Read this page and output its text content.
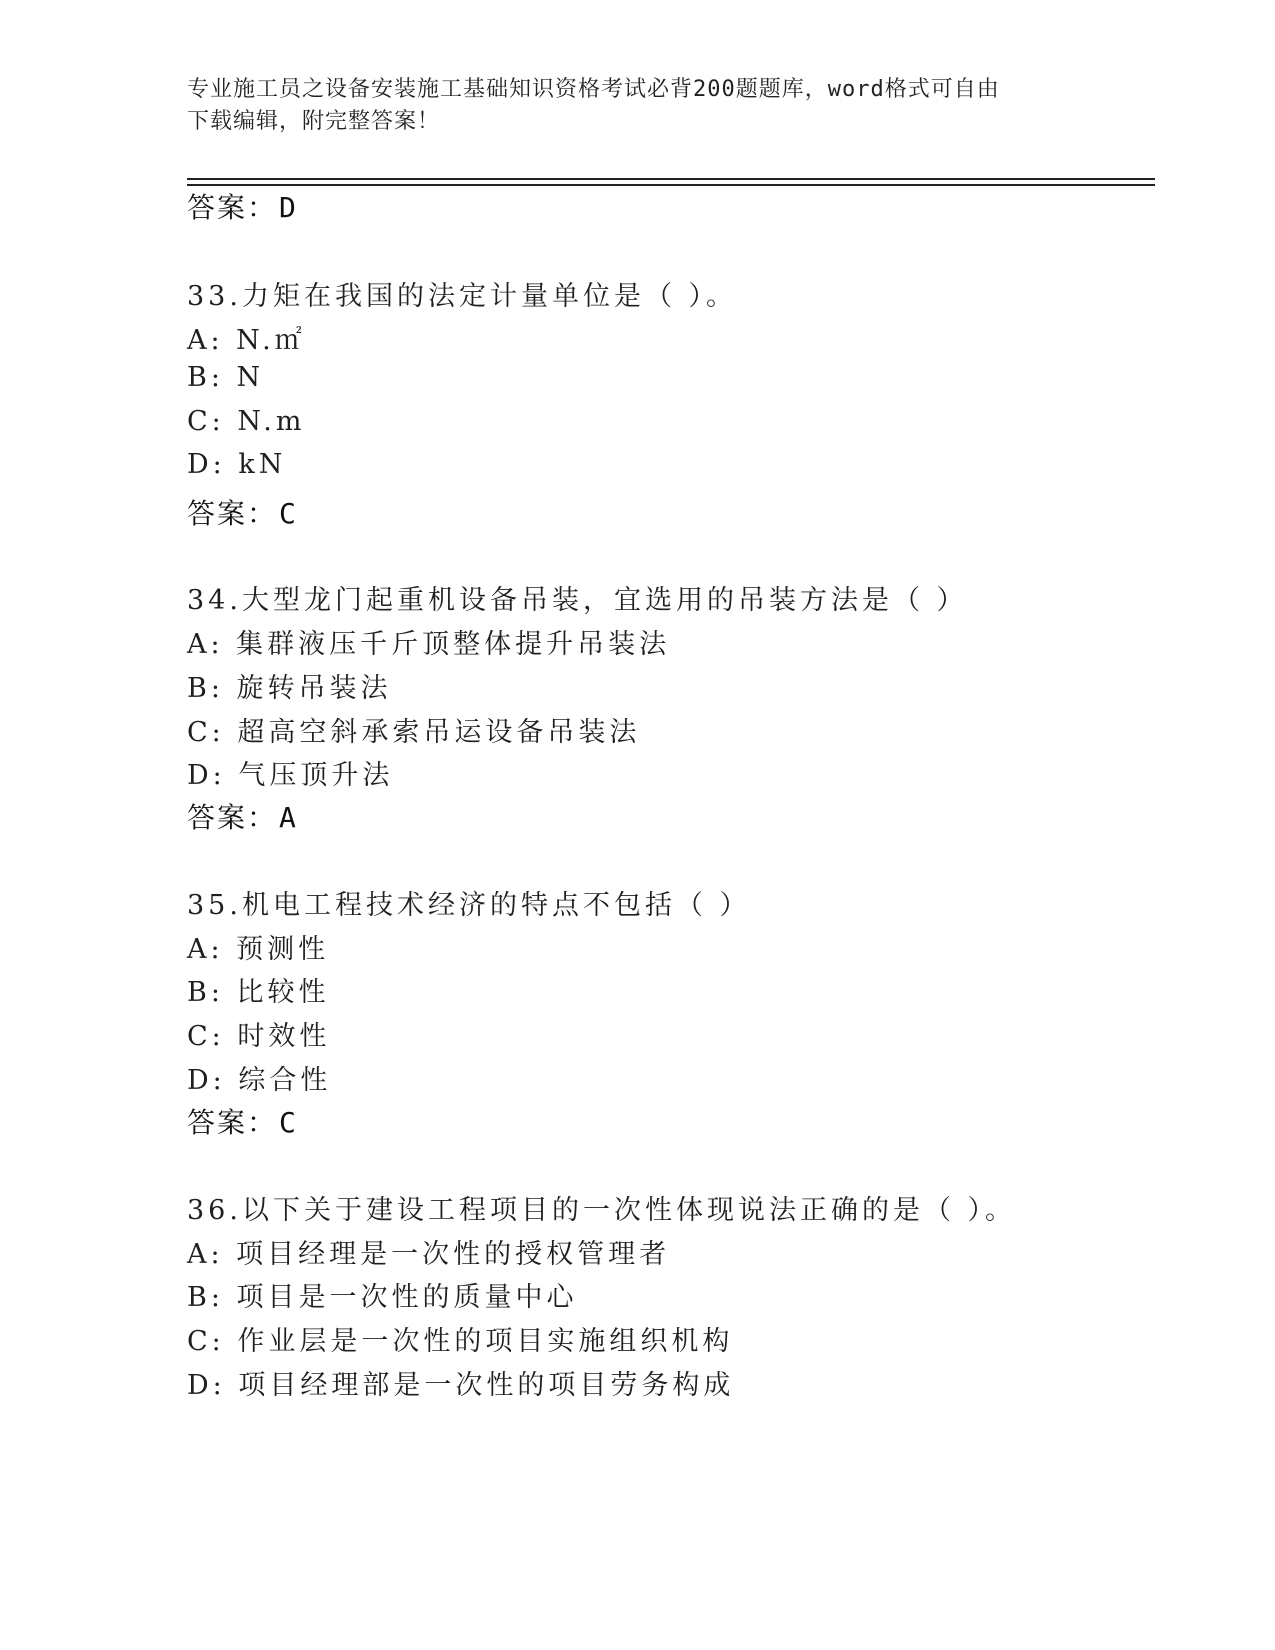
专业施工员之设备安装施工基础知识资格考试必背200题题库，word格式可自由
下载编辑，附完整答案！
答案：D
33.力矩在我国的法定计量单位是（ ）。
A: N.㎡
B: N
C: N.m
D: kN
答案：C
34.大型龙门起重机设备吊装，宜选用的吊装方法是（ ）
A: 集群液压千斤顶整体提升吊装法
B: 旋转吊装法
C: 超高空斜承索吊运设备吊装法
D: 气压顶升法
答案：A
35.机电工程技术经济的特点不包括（ ）
A: 预测性
B: 比较性
C: 时效性
D: 综合性
答案：C
36.以下关于建设工程项目的一次性体现说法正确的是（ ）。
A: 项目经理是一次性的授权管理者
B: 项目是一次性的质量中心
C: 作业层是一次性的项目实施组织机构
D: 项目经理部是一次性的项目劳务构成
